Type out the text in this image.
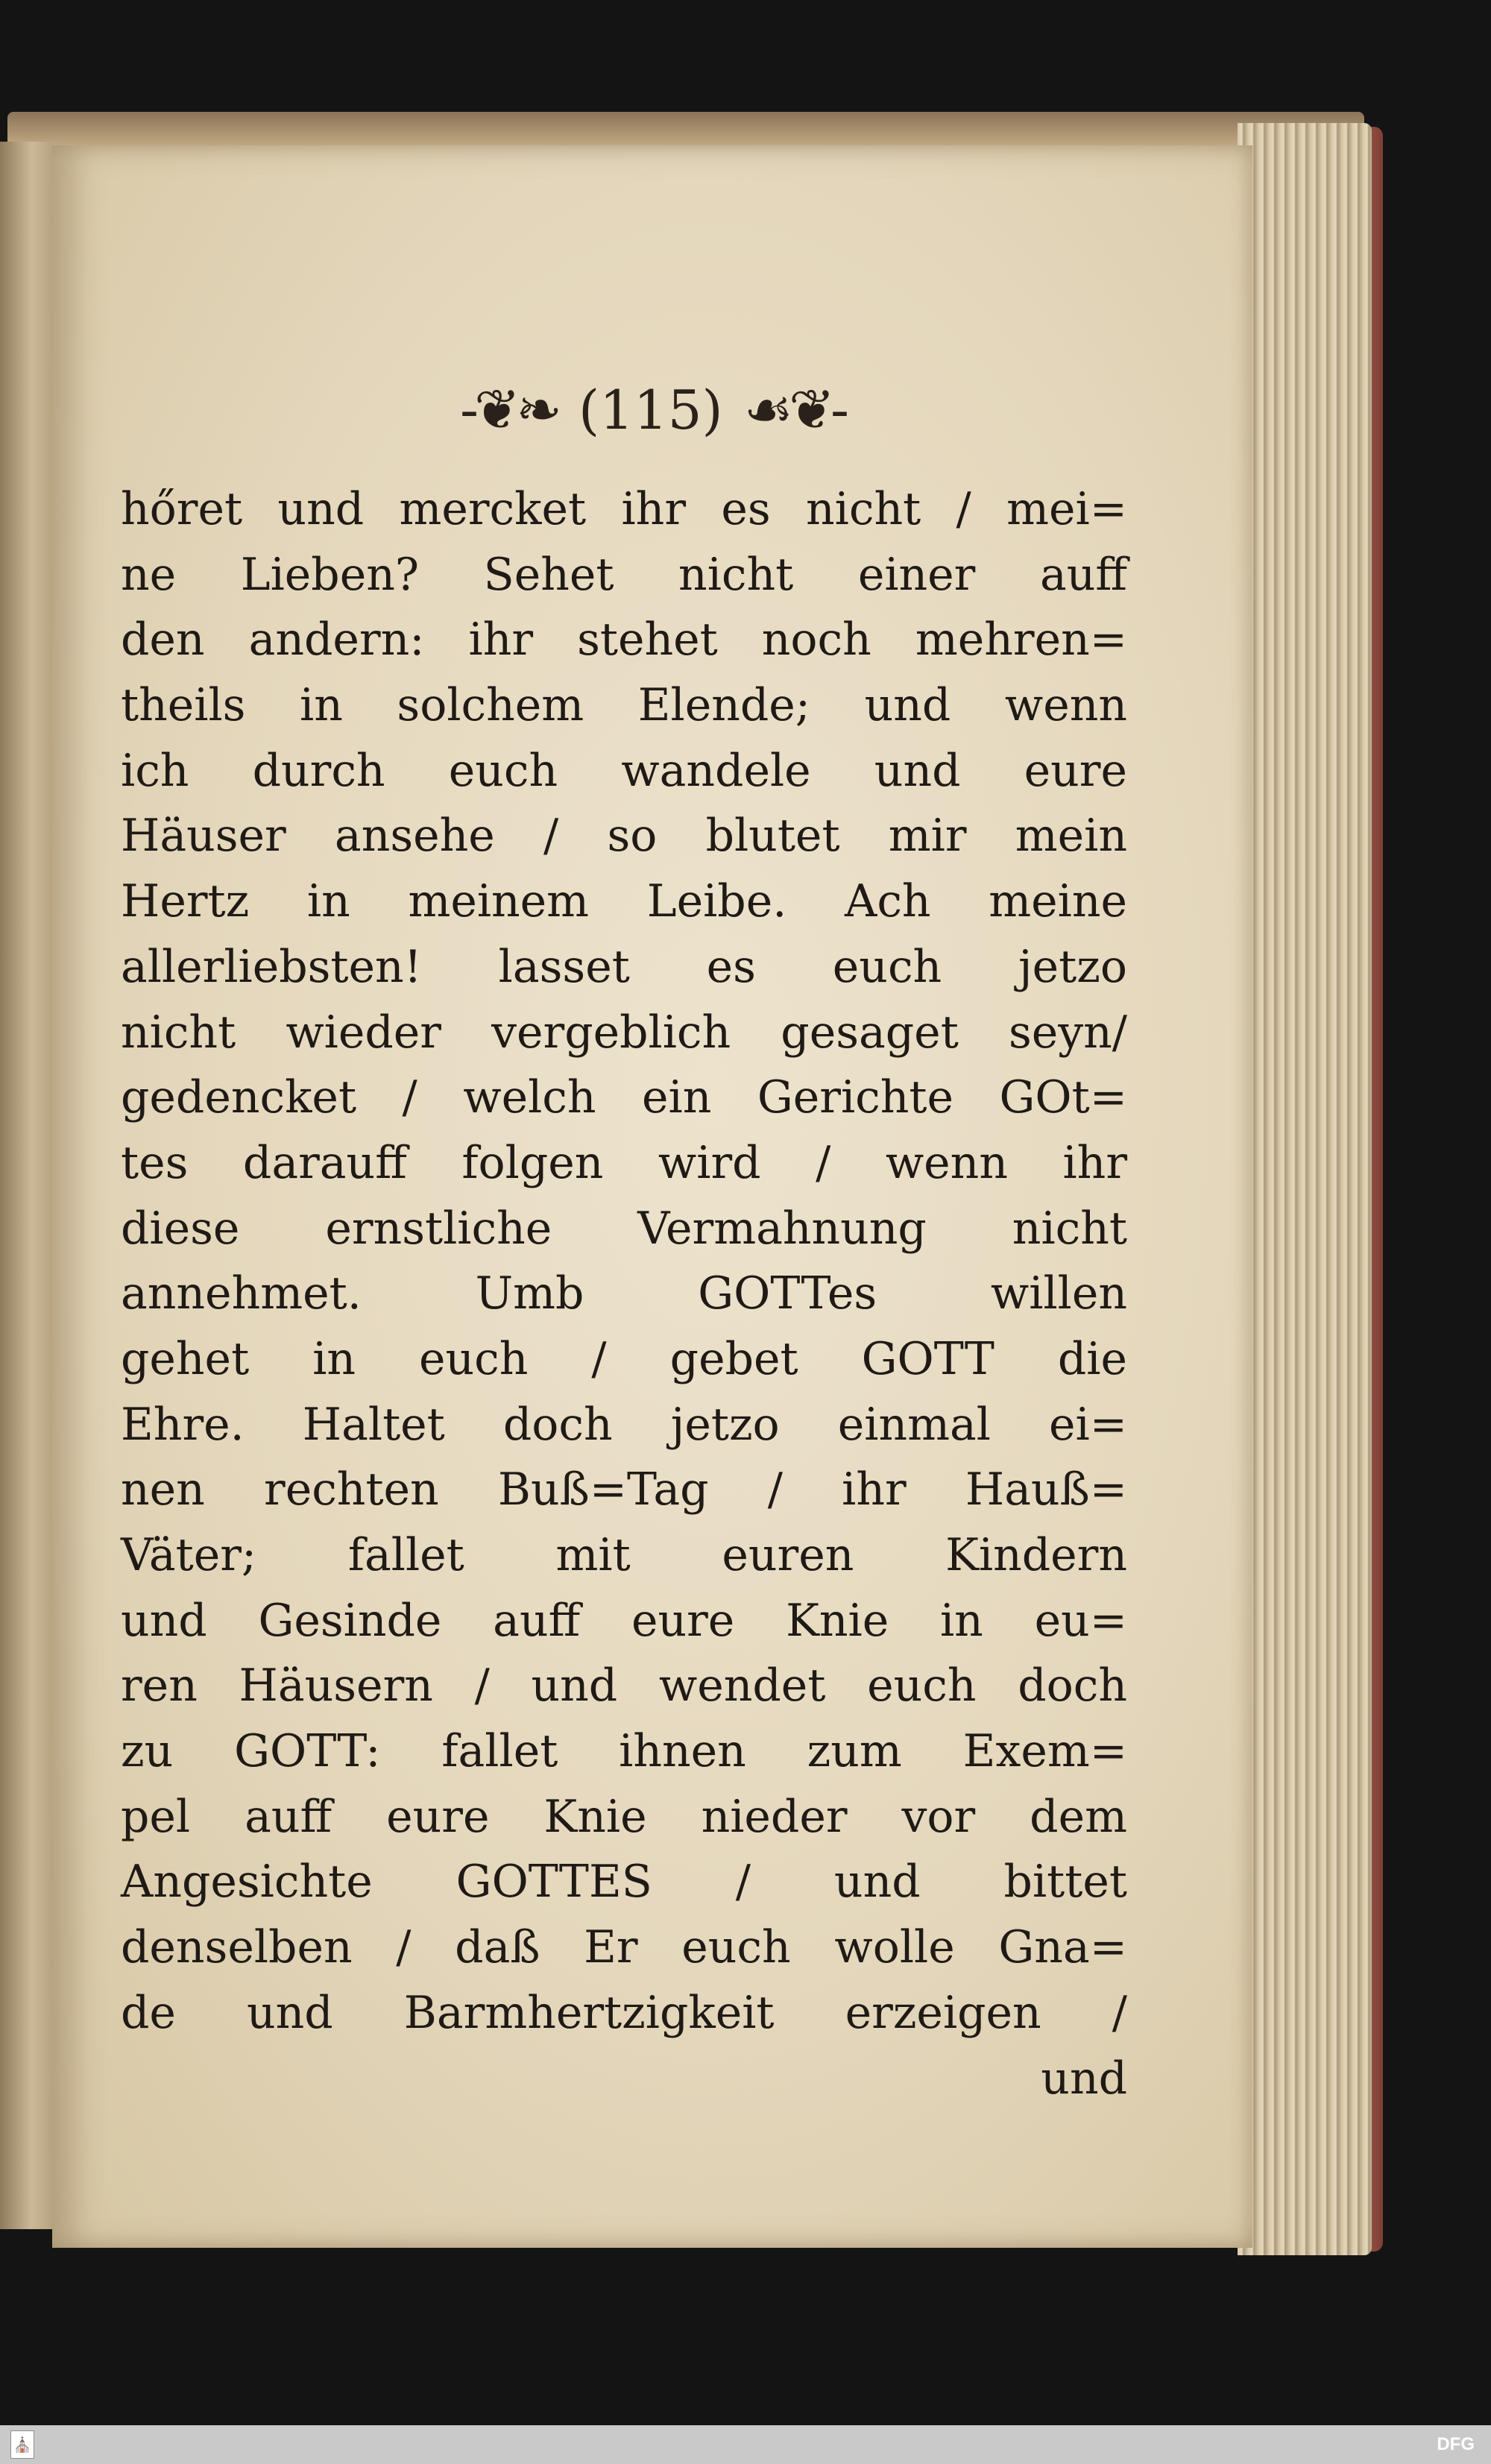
-❦❧ (115) ☙❦-
hőret und mercket ihr es nicht / mei=
ne Lieben? Sehet nicht einer auff
den andern: ihr stehet noch mehren=
theils in solchem Elende; und wenn
ich durch euch wandele und eure
Häuser ansehe / so blutet mir mein
Hertz in meinem Leibe. Ach meine
allerliebsten! lasset es euch jetzo
nicht wieder vergeblich gesaget seyn/
gedencket / welch ein Gerichte GOt=
tes darauff folgen wird / wenn ihr
diese ernstliche Vermahnung nicht
annehmet. Umb GOTTes willen
gehet in euch / gebet GOTT die
Ehre. Haltet doch jetzo einmal ei=
nen rechten Buß=Tag / ihr Hauß=
Väter; fallet mit euren Kindern
und Gesinde auff eure Knie in eu=
ren Häusern / und wendet euch doch
zu GOTT: fallet ihnen zum Exem=
pel auff eure Knie nieder vor dem
Angesichte GOTTES / und bittet
denselben / daß Er euch wolle Gna=
de und Barmhertzigkeit erzeigen /
und
⛪	DFG
